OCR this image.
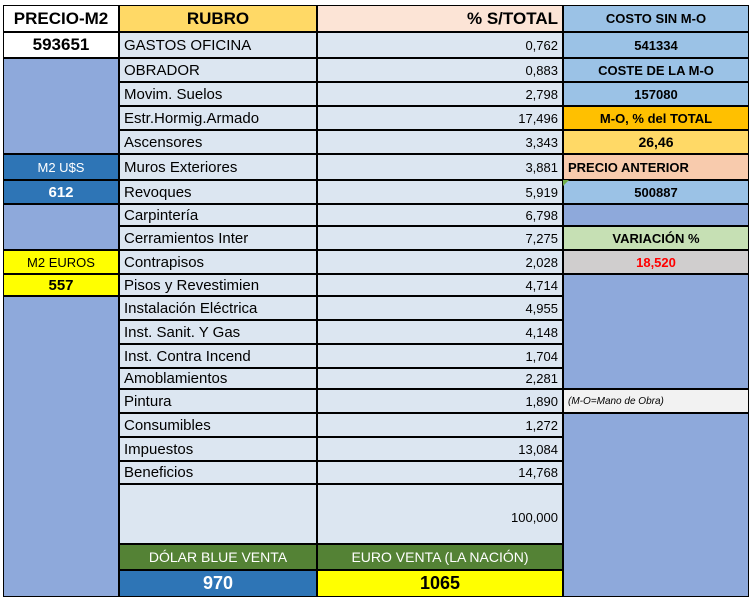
PRECIO-M2
593651
M2 U$S
612
M2 EUROS
557
RUBRO	% S/TOTAL
GASTOS OFICINA	0,762
OBRADOR	0,883
Movim. Suelos	2,798
Estr.Hormig.Armado	17,496
Ascensores	3,343
Muros Exteriores	3,881
Revoques	5,919
Carpintería	6,798
Cerramientos Inter	7,275
Contrapisos	2,028
Pisos y Revestimien	4,714
Instalación Eléctrica	4,955
Inst. Sanit. Y Gas	4,148
Inst. Contra Incend	1,704
Amoblamientos	2,281
Pintura	1,890
Consumibles	1,272
Impuestos	13,084
Beneficios	14,768
100,000
DÓLAR BLUE VENTA	EURO VENTA (LA NACIÓN)
970	1065
COSTO SIN M-O
541334
COSTE DE LA M-O
157080
M-O, % del TOTAL
26,46
PRECIO ANTERIOR
500887
VARIACIÓN %
18,520
(M-O=Mano de Obra)
